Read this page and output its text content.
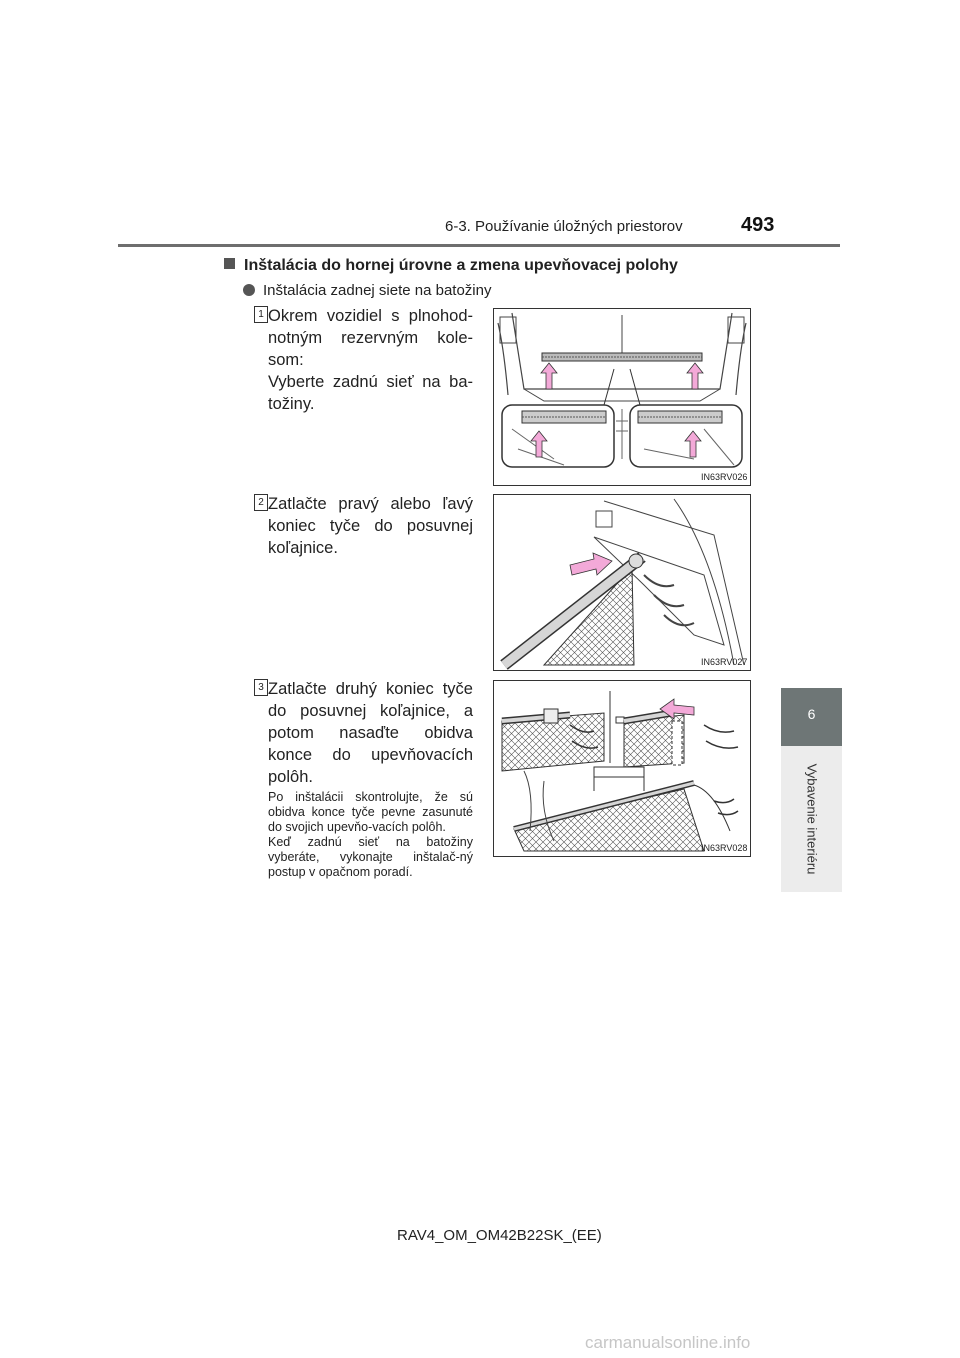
6-3. Používanie úložných priestorov	493
6
Vybavenie interiéru
Inštalácia do hornej úrovne a zmena upevňovacej polohy
Inštalácia zadnej siete na batožiny
1 Okrem vozidiel s plnohod-notným rezervným kole-som:
Vyberte zadnú sieť na ba-tožiny.
IN63RV026
2 Zatlačte pravý alebo ľavý koniec tyče do posuvnej koľajnice.
IN63RV027
3 Zatlačte druhý koniec tyče do posuvnej koľajnice, a potom nasaďte obidva konce do upevňovacích polôh.

Po inštalácii skontrolujte, že sú obidva konce tyče pevne zasunuté do svojich upevňo-vacích polôh.

Keď zadnú sieť na batožiny vyberáte, vykonajte inštalač-ný postup v opačnom poradí.

IN63RV028
RAV4_OM_OM42B22SK_(EE)
carmanualsonline.info
